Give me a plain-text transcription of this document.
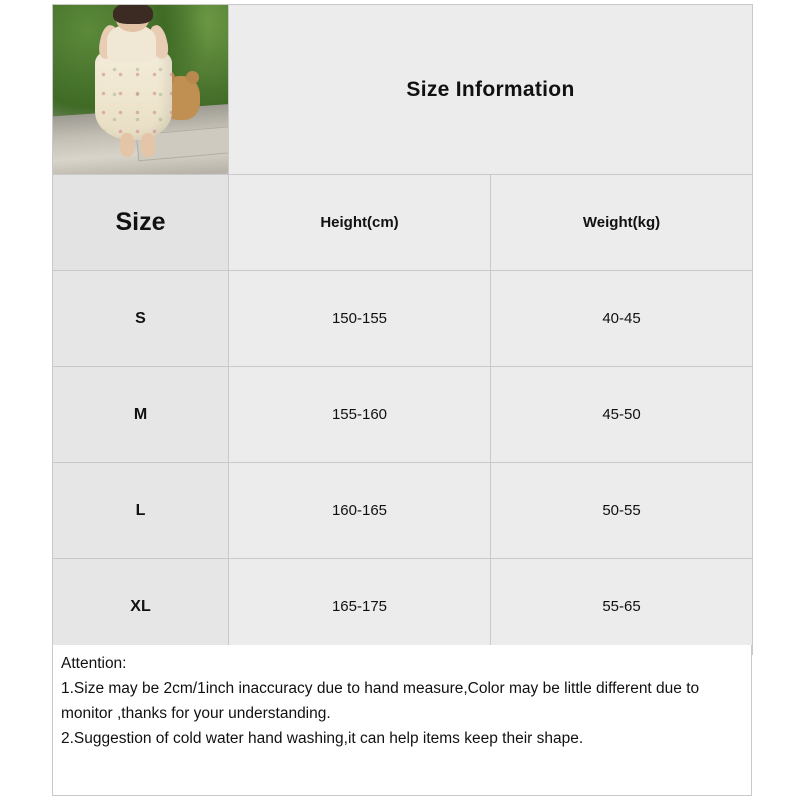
	Size Information	
Size	Height(cm)	Weight(kg)
S	150-155	40-45
M	155-160	45-50
L	160-165	50-55
XL	165-175	55-65

Attention:

1.Size may be 2cm/1inch inaccuracy due to hand measure,Color may be little different due to monitor ,thanks for your understanding.

2.Suggestion of cold water hand washing,it can help items keep their shape.
